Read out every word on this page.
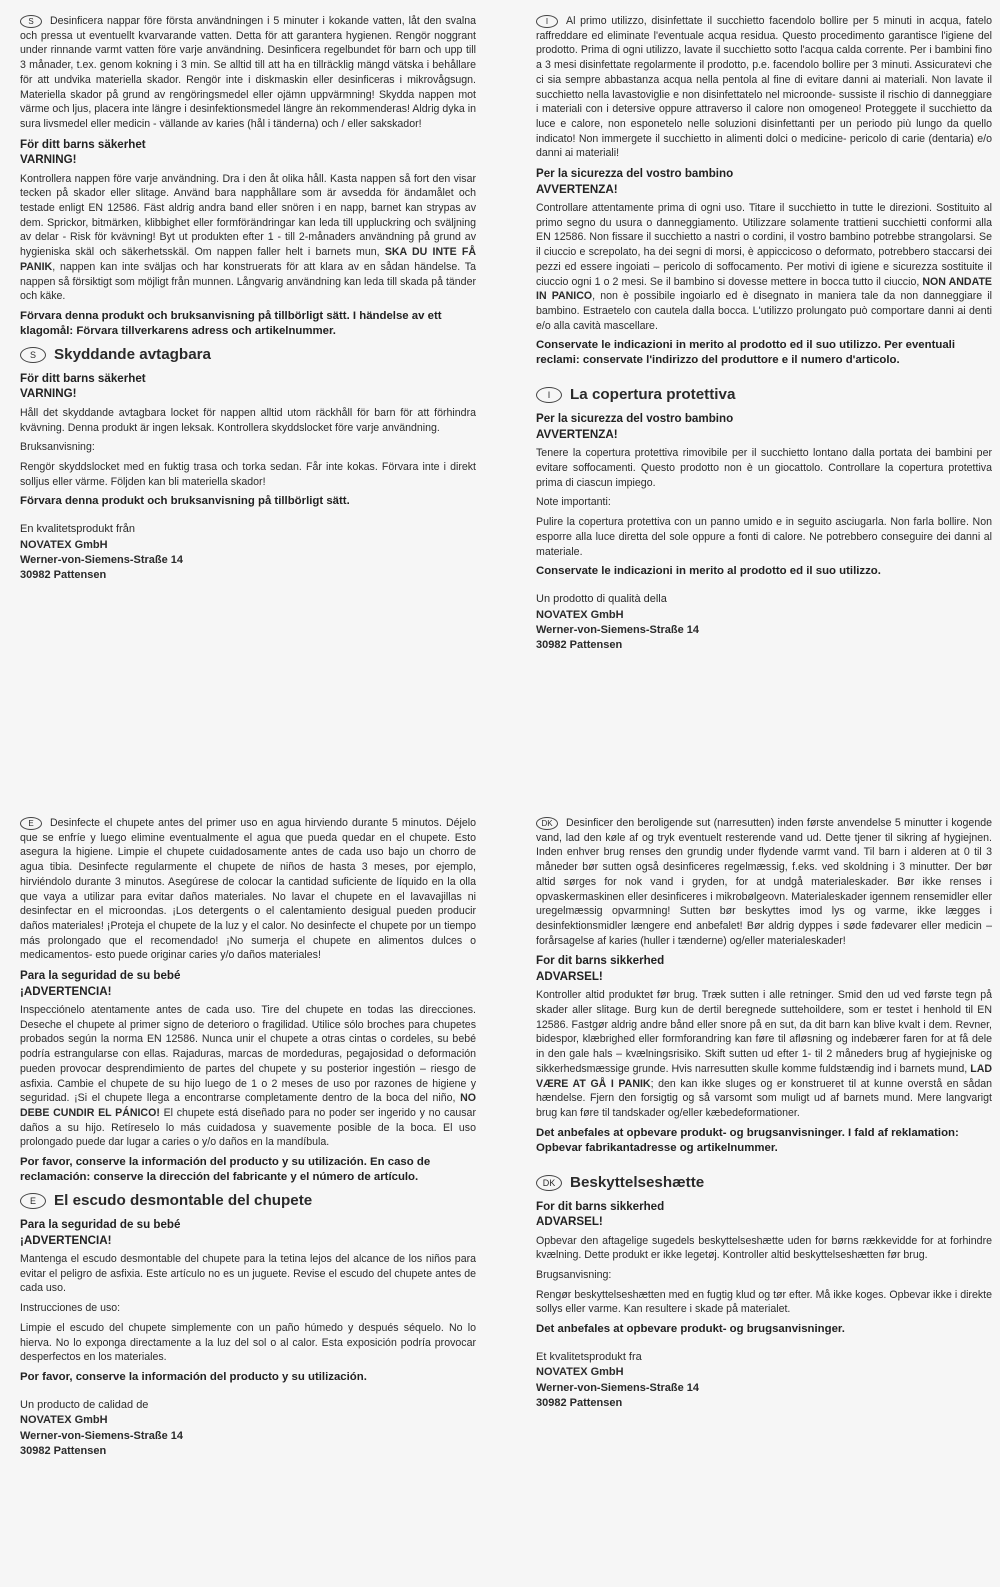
S Desinficera nappar före första användningen i 5 minuter i kokande vatten, låt den svalna och pressa ut eventuellt kvarvarande vatten. Detta för att garantera hygienen. Rengör noggrant under rinnande varmt vatten före varje användning. Desinficera regelbundet för barn och upp till 3 månader, t.ex. genom kokning i 3 min. Se alltid till att ha en tillräcklig mängd vätska i behållare för att undvika materiella skador. Rengör inte i diskmaskin eller desinficeras i mikrovågsugn. Materiella skador på grund av rengöringsmedel eller ojämn uppvärmning! Skydda nappen mot värme och ljus, placera inte längre i desinfektionsmedel längre än rekommenderas! Aldrig dyka in sura livsmedel eller medicin - vällande av karies (hål i tänderna) och / eller sakskador!

För ditt barns säkerhet

VARNING!

Kontrollera nappen före varje användning. Dra i den åt olika håll. Kasta nappen så fort den visar tecken på skador eller slitage. Använd bara napphållare som är avsedda för ändamålet och testade enligt EN 12586. Fäst aldrig andra band eller snören i en napp, barnet kan strypas av dem. Sprickor, bitmärken, klibbighet eller formförändringar kan leda till uppluckring och sväljning av delar - Risk för kvävning! Byt ut produkten efter 1 - till 2-månaders användning på grund av hygieniska skäl och säkerhetsskäl. Om nappen faller helt i barnets mun, SKA DU INTE FÅ PANIK, nappen kan inte sväljas och har konstruerats för att klara av en sådan händelse. Ta nappen så försiktigt som möjligt från munnen. Långvarig användning kan leda till skada på tänder och käke.

Förvara denna produkt och bruksanvisning på tillbörligt sätt. I händelse av ett klagomål: Förvara tillverkarens adress och artikelnummer.

S	Skyddande avtagbara

För ditt barns säkerhet

VARNING!

Håll det skyddande avtagbara locket för nappen alltid utom räckhåll för barn för att förhindra kvävning. Denna produkt är ingen leksak. Kontrollera skyddslocket före varje användning.

Bruksanvisning:

Rengör skyddslocket med en fuktig trasa och torka sedan. Får inte kokas. Förvara inte i direkt solljus eller värme. Följden kan bli materiella skador!

Förvara denna produkt och bruksanvisning på tillbörligt sätt.

En kvalitetsprodukt från

NOVATEX GmbH

Werner-von-Siemens-Straße 14

30982 Pattensen

I Al primo utilizzo, disinfettate il succhietto facendolo bollire per 5 minuti in acqua, fatelo raffreddare ed eliminate l'eventuale acqua residua. Questo procedimento garantisce l'igiene del prodotto. Prima di ogni utilizzo, lavate il succhietto sotto l'acqua calda corrente. Per i bambini fino a 3 mesi disinfettate regolarmente il prodotto, p.e. facendolo bollire per 3 minuti. Assicuratevi che ci sia sempre abbastanza acqua nella pentola al fine di evitare danni ai materiali. Non lavate il succhietto nella lavastoviglie e non disinfettatelo nel microonde- sussiste il rischio di danneggiare i materiali con i detersive oppure attraverso il calore non omogeneo! Proteggete il succhietto da luce e calore, non esponetelo nelle soluzioni disinfettanti per un periodo più lungo da quello indicato! Non immergete il succhietto in alimenti dolci o medicine- pericolo di carie (dentaria) e/o danni ai materiali!

Per la sicurezza del vostro bambino

AVVERTENZA!

Controllare attentamente prima di ogni uso. Titare il succhietto in tutte le direzioni. Sostituito al primo segno du usura o danneggiamento. Utilizzare solamente trattieni succhietti conformi alla EN 12586. Non fissare il succhietto a nastri o cordini, il vostro bambino potrebbe strangolarsi. Se il ciuccio e screpolato, ha dei segni di morsi, è appiccicoso o deformato, potrebbero staccarsi dei pezzi ed essere ingoiati – pericolo di soffocamento. Per motivi di igiene e sicurezza sostituite il ciuccio ogni 1 o 2 mesi. Se il bambino si dovesse mettere in bocca tutto il ciuccio, NON ANDATE IN PANICO, non è possibile ingoiarlo ed è disegnato in maniera tale da non danneggiare il bambino. Estraetelo con cautela dalla bocca. L'utilizzo prolungato può comportare danni ai denti e/o alla cavità mascellare.

Conservate le indicazioni in merito al prodotto ed il suo utilizzo. Per eventuali reclami: conservate l'indirizzo del produttore e il numero d'articolo.

I	La copertura protettiva

Per la sicurezza del vostro bambino

AVVERTENZA!

Tenere la copertura protettiva rimovibile per il succhietto lontano dalla portata dei bambini per evitare soffocamenti. Questo prodotto non è un giocattolo. Controllare la copertura protettiva prima di ciascun impiego.

Note importanti:

Pulire la copertura protettiva con un panno umido e in seguito asciugarla. Non farla bollire. Non esporre alla luce diretta del sole oppure a fonti di calore. Ne potrebbero conseguire dei danni al materiale.

Conservate le indicazioni in merito al prodotto ed il suo utilizzo.

Un prodotto di qualità della

NOVATEX GmbH

Werner-von-Siemens-Straße 14

30982 Pattensen

E Desinfecte el chupete antes del primer uso en agua hirviendo durante 5 minutos. Déjelo que se enfríe y luego elimine eventualmente el agua que pueda quedar en el chupete. Esto asegura la higiene. Limpie el chupete cuidadosamente antes de cada uso bajo un chorro de agua tibia. Desinfecte regularmente el chupete de niños de hasta 3 meses, por ejemplo, hirviéndolo durante 3 minutos. Asegúrese de colocar la cantidad suficiente de líquido en la olla que vaya a utilizar para evitar daños materiales. No lavar el chupete en el lavavajillas ni desinfectar en el microondas. ¡Los detergents o el calentamiento desigual pueden producir daños materiales! ¡Proteja el chupete de la luz y el calor. No desinfecte el chupete por un tiempo más prolongado que el recomendado! ¡No sumerja el chupete en alimentos dulces o medicamentos- esto puede originar caries y/o daños materiales!

Para la seguridad de su bebé

¡ADVERTENCIA!

Inspecciónelo atentamente antes de cada uso. Tire del chupete en todas las direcciones. Deseche el chupete al primer signo de deterioro o fragilidad. Utilice sólo broches para chupetes probados según la norma EN 12586. Nunca unir el chupete a otras cintas o cordeles, su bebé podría estrangularse con ellas. Rajaduras, marcas de mordeduras, pegajosidad o deformación pueden provocar desprendimiento de partes del chupete y su posterior ingestión – riesgo de asfixia. Cambie el chupete de su hijo luego de 1 o 2 meses de uso por razones de higiene y seguridad. ¡Si el chupete llega a encontrarse completamente dentro de la boca del niño, NO DEBE CUNDIR EL PÁNICO! El chupete está diseñado para no poder ser ingerido y no causar daños a su hijo. Retíreselo lo más cuidadosa y suavemente posible de la boca. El uso prolongado puede dar lugar a caries o y/o daños en la mandíbula.

Por favor, conserve la información del producto y su utilización. En caso de reclamación: conserve la dirección del fabricante y el número de artículo.

E	El escudo desmontable del chupete

Para la seguridad de su bebé

¡ADVERTENCIA!

Mantenga el escudo desmontable del chupete para la tetina lejos del alcance de los niños para evitar el peligro de asfixia. Este artículo no es un juguete. Revise el escudo del chupete antes de cada uso.

Instrucciones de uso:

Limpie el escudo del chupete simplemente con un paño húmedo y después séquelo. No lo hierva. No lo exponga directamente a la luz del sol o al calor. Esta exposición podría provocar desperfectos en los materiales.

Por favor, conserve la información del producto y su utilización.

Un producto de calidad de

NOVATEX GmbH

Werner-von-Siemens-Straße 14

30982 Pattensen

DK Desinficer den beroligende sut (narresutten) inden første anvendelse 5 minutter i kogende vand, lad den køle af og tryk eventuelt resterende vand ud. Dette tjener til sikring af hygiejnen. Inden enhver brug renses den grundig under flydende varmt vand. Til barn i alderen at 0 til 3 måneder bør sutten også desinficeres regelmæssig, f.eks. ved skoldning i 3 minutter. Der bør altid sørges for nok vand i gryden, for at undgå materialeskader. Bør ikke renses i opvaskermaskinen eller desinficeres i mikrobølgeovn. Materialeskader igennem rensemidler eller uregelmæssig opvarmning! Sutten bør beskyttes imod lys og varme, ikke lægges i desinfektionsmidler længere end anbefalet! Bør aldrig dyppes i søde fødevarer eller medicin – forårsagelse af karies (huller i tænderne) og/eller materialeskader!

For dit barns sikkerhed

ADVARSEL!

Kontroller altid produktet før brug. Træk sutten i alle retninger. Smid den ud ved første tegn på skader aller slitage. Burg kun de dertil beregnede suttehoildere, som er testet i henhold til EN 12586. Fastgør aldrig andre bånd eller snore på en sut, da dit barn kan blive kvalt i dem. Revner, bidespor, klæbrighed eller formforandring kan føre til afløsning og indebærer faren for at få dele in den gale hals – kvælningsrisiko. Skift sutten ud efter 1- til 2 måneders brug af hygiejniske og sikkerhedsmæssige grunde. Hvis narresutten skulle komme fuldstændig ind i barnets mund, LAD VÆRE AT GÅ I PANIK; den kan ikke sluges og er konstrueret til at kunne overstå en sådan hændelse. Fjern den forsigtig og så varsomt som muligt ud af barnets mund. Mere langvarigt brug kan føre til tandskader og/eller kæbedeformationer.

Det anbefales at opbevare produkt- og brugsanvisninger. I fald af reklamation: Opbevar fabrikantadresse og artikelnummer.

DK Beskyttelseshætte

For dit barns sikkerhed

ADVARSEL!

Opbevar den aftagelige sugedels beskyttelseshætte uden for børns rækkevidde for at forhindre kvælning. Dette produkt er ikke legetøj. Kontroller altid beskyttelseshætten før brug.

Brugsanvisning:

Rengør beskyttelseshætten med en fugtig klud og tør efter. Må ikke koges. Opbevar ikke i direkte sollys eller varme. Kan resultere i skade på materialet.

Det anbefales at opbevare produkt- og brugsanvisninger.

Et kvalitetsprodukt fra

NOVATEX GmbH

Werner-von-Siemens-Straße 14

30982 Pattensen
